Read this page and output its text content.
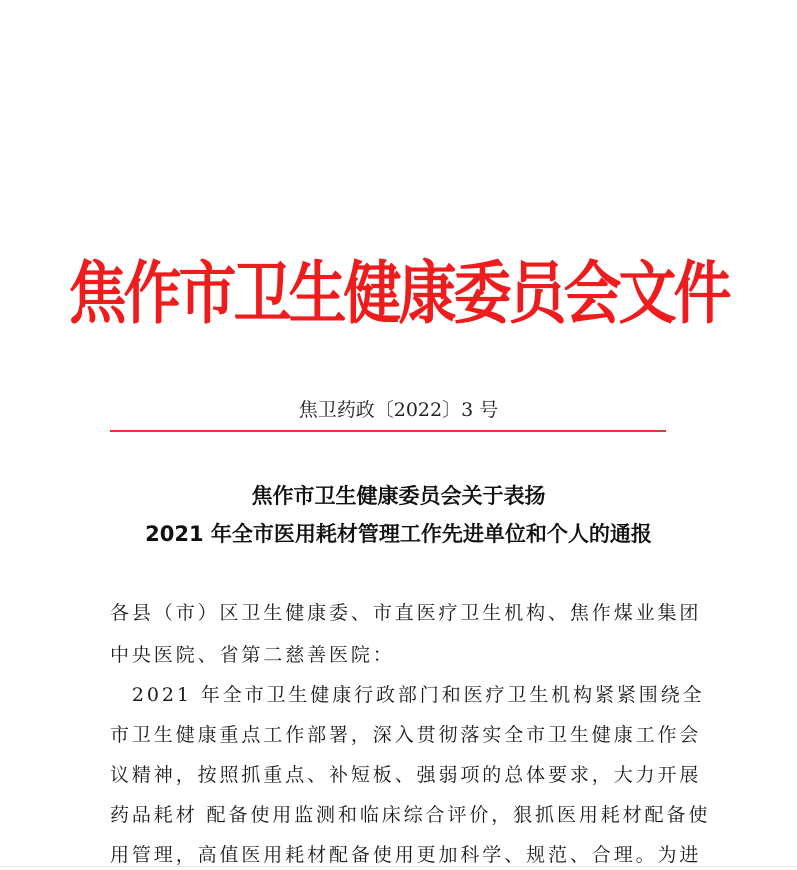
焦作市卫生健康委员会文件
焦卫药政〔2022〕3 号
焦作市卫生健康委员会关于表扬
2021 年全市医用耗材管理工作先进单位和个人的通报
各县（市）区卫生健康委、市直医疗卫生机构、焦作煤业集团
中央医院、省第二慈善医院：
　2021 年全市卫生健康行政部门和医疗卫生机构紧紧围绕全
市卫生健康重点工作部署，深入贯彻落实全市卫生健康工作会
议精神，按照抓重点、补短板、强弱项的总体要求，大力开展
药品耗材 配备使用监测和临床综合评价，狠抓医用耗材配备使
用管理，高值医用耗材配备使用更加科学、规范、合理。为进
